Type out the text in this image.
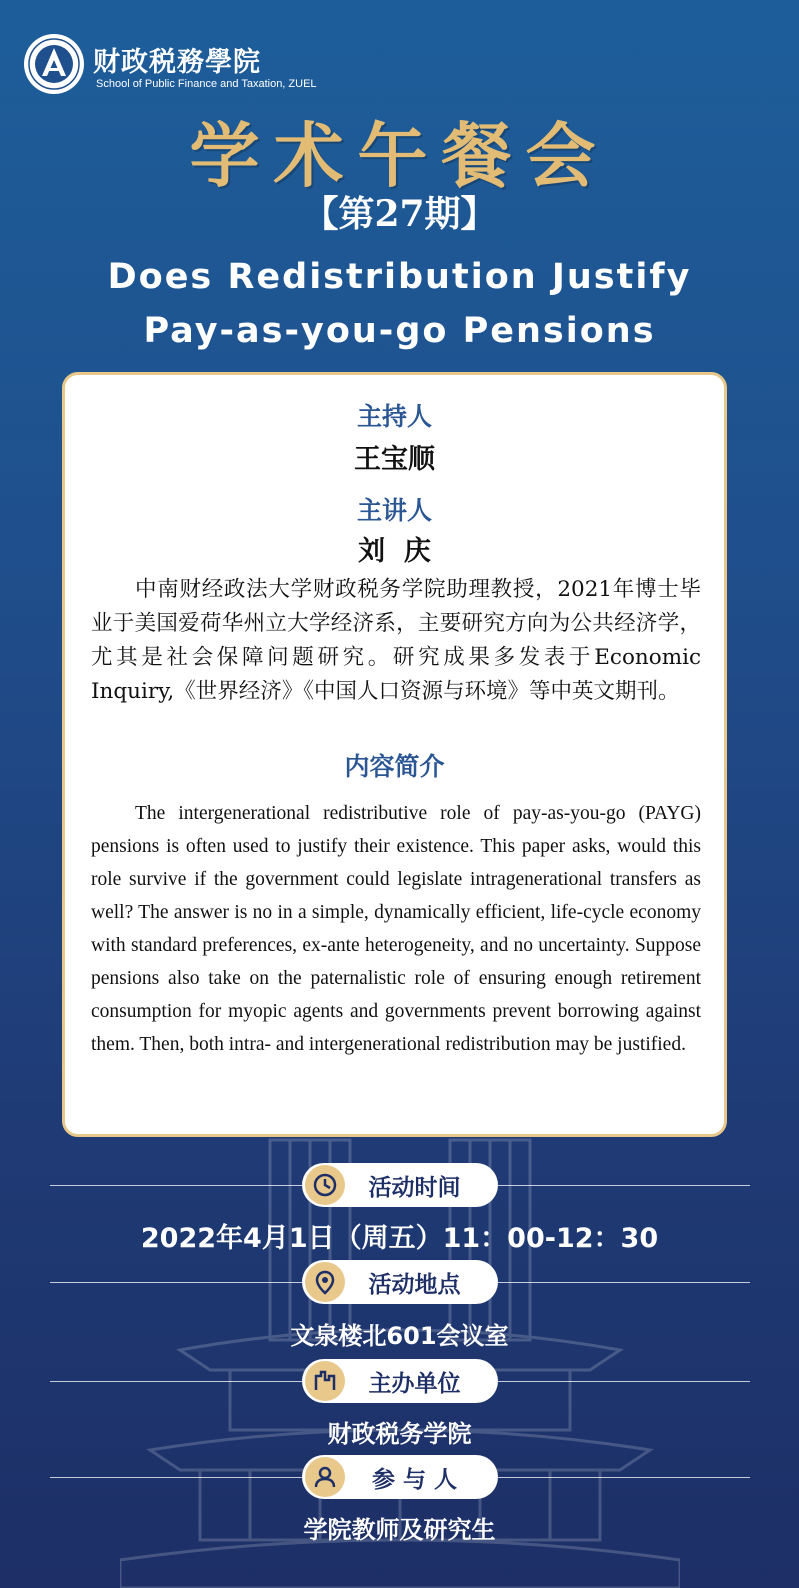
财政税務學院
School of Public Finance and Taxation, ZUEL
学术午餐会
【第27期】
Does Redistribution Justify
Pay-as-you-go Pensions
主持人
王宝顺
主讲人
刘  庆
中南财经政法大学财政税务学院助理教授，2021年博士毕业于美国爱荷华州立大学经济系，主要研究方向为公共经济学，尤其是社会保障问题研究。研究成果多发表于Economic Inquiry,《世界经济》《中国人口资源与环境》等中英文期刊。
内容简介
The intergenerational redistributive role of pay-as-you-go (PAYG) pensions is often used to justify their existence. This paper asks, would this role survive if the government could legislate intragenerational transfers as well? The answer is no in a simple, dynamically efficient, life-cycle economy with standard preferences, ex-ante heterogeneity, and no uncertainty. Suppose pensions also take on the paternalistic role of ensuring enough retirement consumption for myopic agents and governments prevent borrowing against them. Then, both intra- and intergenerational redistribution may be justified.
活动时间
2022年4月1日（周五）11：00-12：30
活动地点
文泉楼北601会议室
主办单位
财政税务学院
参 与 人
学院教师及研究生
